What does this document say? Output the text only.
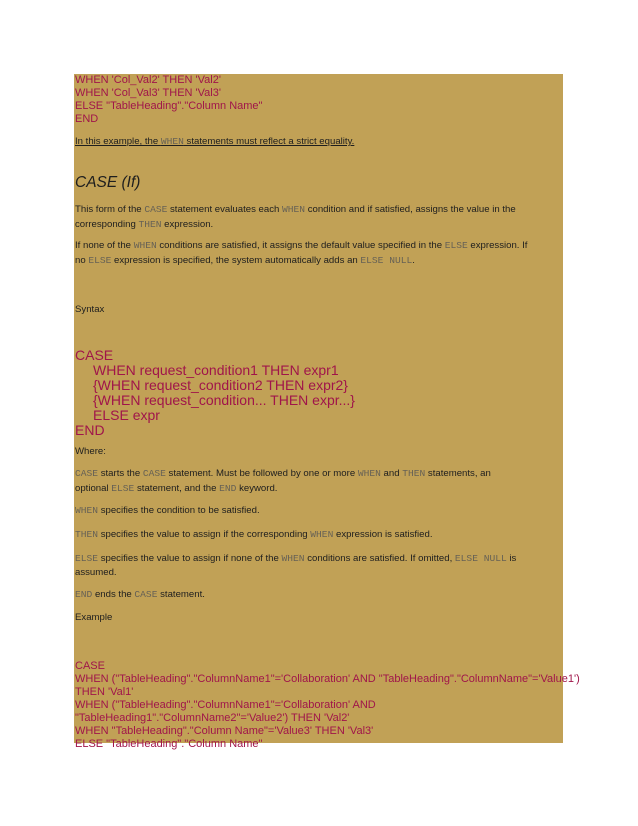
WHEN 'Col_Val2' THEN 'Val2'
WHEN 'Col_Val3' THEN 'Val3'
ELSE "TableHeading"."Column Name"
END
In this example, the WHEN statements must reflect a strict equality.
CASE (If)
This form of the CASE statement evaluates each WHEN condition and if satisfied, assigns the value in the
corresponding THEN expression.
If none of the WHEN conditions are satisfied, it assigns the default value specified in the ELSE expression. If
no ELSE expression is specified, the system automatically adds an ELSE NULL.
Syntax
CASE
WHEN request_condition1 THEN expr1
{WHEN request_condition2 THEN expr2}
{WHEN request_condition... THEN expr...}
ELSE expr
END
Where:
CASE starts the CASE statement. Must be followed by one or more WHEN and THEN statements, an
optional ELSE statement, and the END keyword.
WHEN specifies the condition to be satisfied.
THEN specifies the value to assign if the corresponding WHEN expression is satisfied.
ELSE specifies the value to assign if none of the WHEN conditions are satisfied. If omitted, ELSE NULL is
assumed.
END ends the CASE statement.
Example
CASE
WHEN ("TableHeading"."ColumnName1"='Collaboration' AND "TableHeading"."ColumnName"='Value1')
THEN 'Val1'
WHEN ("TableHeading"."ColumnName1"='Collaboration' AND
"TableHeading1"."ColumnName2"='Value2') THEN 'Val2'
WHEN "TableHeading"."Column Name"='Value3' THEN 'Val3'
ELSE "TableHeading"."Column Name"
